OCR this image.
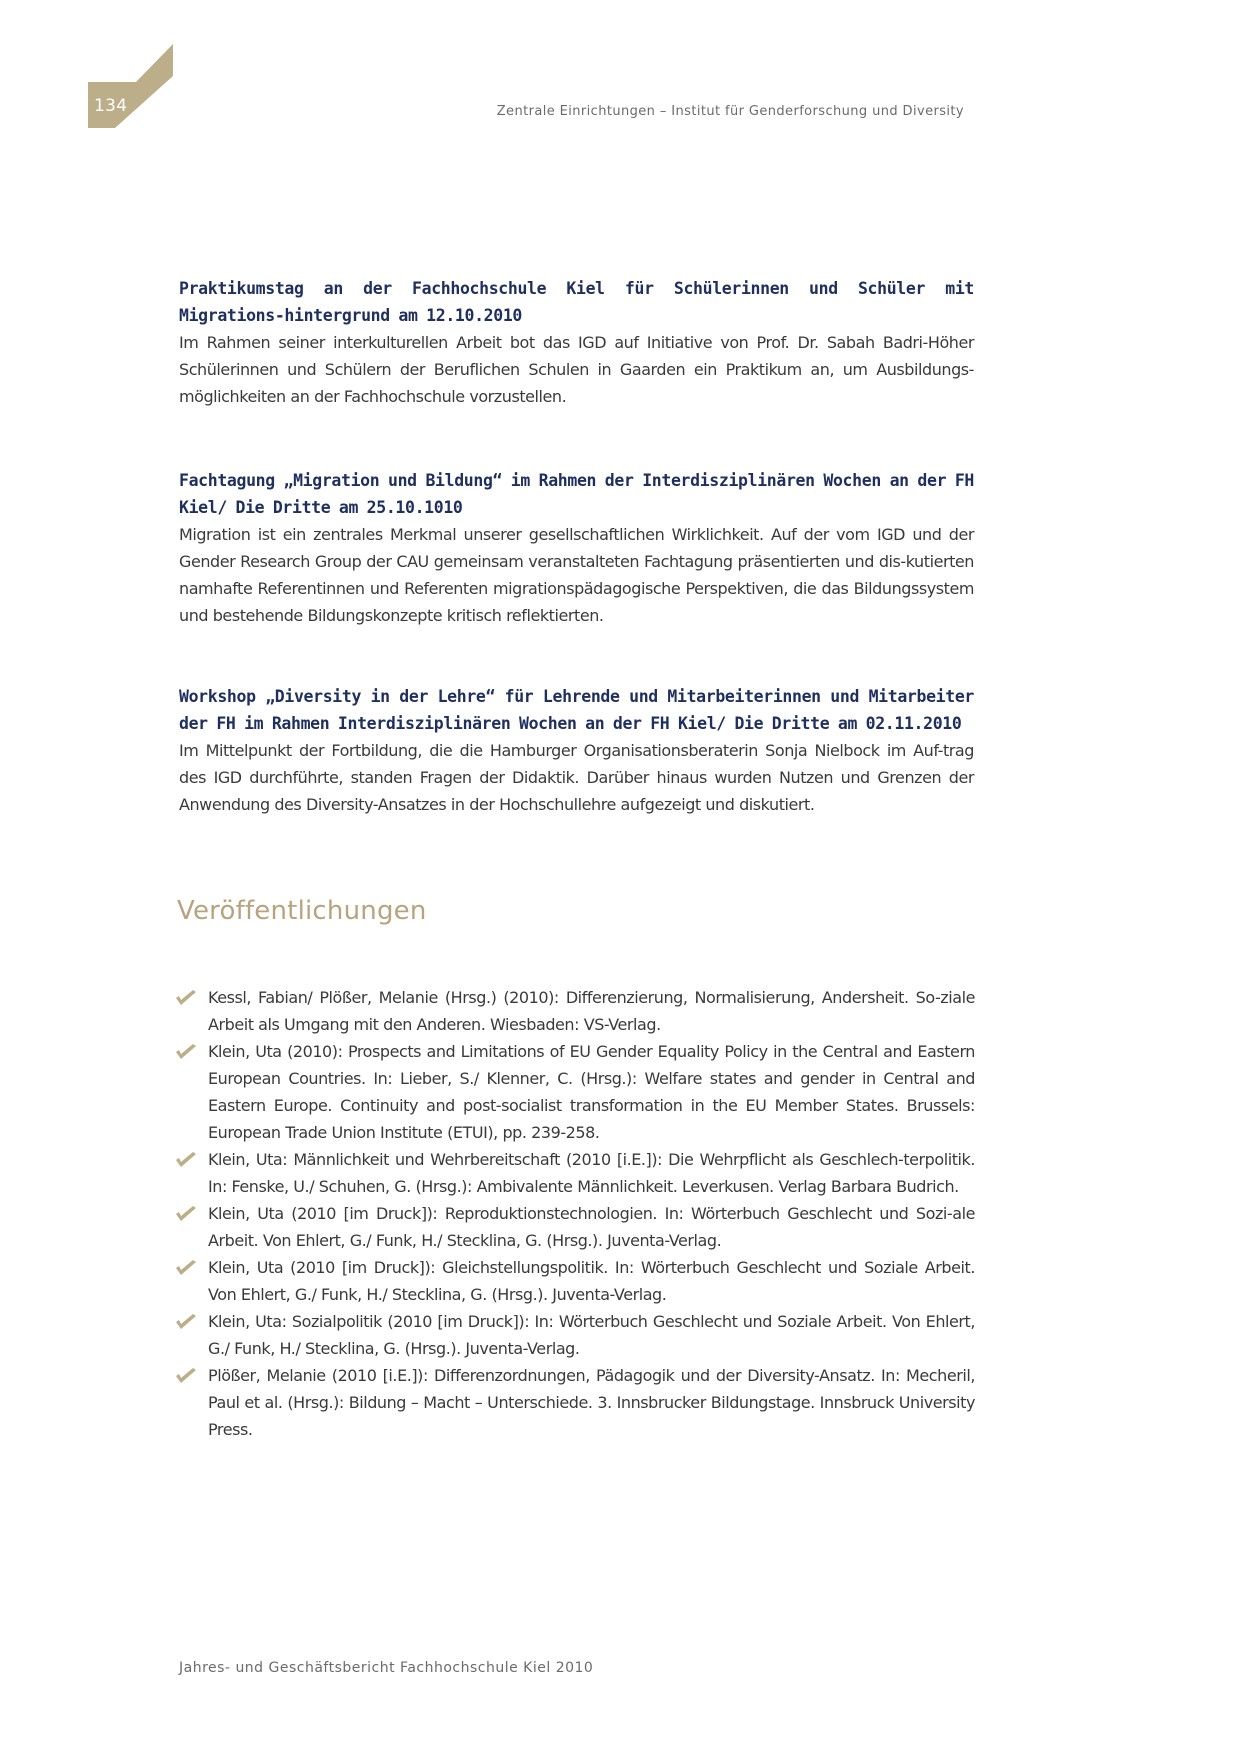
134	Zentrale Einrichtungen – Institut für Genderforschung und Diversity
Praktikumstag an der Fachhochschule Kiel für Schülerinnen und Schüler mit Migrations-hintergrund am 12.10.2010
Im Rahmen seiner interkulturellen Arbeit bot das IGD auf Initiative von Prof. Dr. Sabah Badri-Höher Schülerinnen und Schülern der Beruflichen Schulen in Gaarden ein Praktikum an, um Ausbildungs-möglichkeiten an der Fachhochschule vorzustellen.
Fachtagung „Migration und Bildung“ im Rahmen der Interdisziplinären Wochen an der FH Kiel/ Die Dritte am 25.10.1010
Migration ist ein zentrales Merkmal unserer gesellschaftlichen Wirklichkeit. Auf der vom IGD und der Gender Research Group der CAU gemeinsam veranstalteten Fachtagung präsentierten und dis-kutierten namhafte Referentinnen und Referenten migrationspädagogische Perspektiven, die das Bildungssystem und bestehende Bildungskonzepte kritisch reflektierten.
Workshop „Diversity in der Lehre“ für Lehrende und Mitarbeiterinnen und Mitarbeiter der FH im Rahmen Interdisziplinären Wochen an der FH Kiel/ Die Dritte am 02.11.2010
Im Mittelpunkt der Fortbildung, die die Hamburger Organisationsberaterin Sonja Nielbock im Auf-trag des IGD durchführte, standen Fragen der Didaktik. Darüber hinaus wurden Nutzen und Grenzen der Anwendung des Diversity-Ansatzes in der Hochschullehre aufgezeigt und diskutiert.
Veröffentlichungen
Kessl, Fabian/ Plößer, Melanie (Hrsg.) (2010): Differenzierung, Normalisierung, Andersheit. So-ziale Arbeit als Umgang mit den Anderen. Wiesbaden: VS-Verlag.
Klein, Uta (2010): Prospects and Limitations of EU Gender Equality Policy in the Central and Eastern European Countries. In: Lieber, S./ Klenner, C. (Hrsg.): Welfare states and gender in Central and Eastern Europe. Continuity and post-socialist transformation in the EU Member States. Brussels: European Trade Union Institute (ETUI), pp. 239-258.
Klein, Uta: Männlichkeit und Wehrbereitschaft (2010 [i.E.]): Die Wehrpflicht als Geschlech-terpolitik. In: Fenske, U./ Schuhen, G. (Hrsg.): Ambivalente Männlichkeit. Leverkusen. Verlag Barbara Budrich.
Klein, Uta (2010 [im Druck]): Reproduktionstechnologien. In: Wörterbuch Geschlecht und Sozi-ale Arbeit. Von Ehlert, G./ Funk, H./ Stecklina, G. (Hrsg.). Juventa-Verlag.
Klein, Uta (2010 [im Druck]): Gleichstellungspolitik. In: Wörterbuch Geschlecht und Soziale Arbeit. Von Ehlert, G./ Funk, H./ Stecklina, G. (Hrsg.). Juventa-Verlag.
Klein, Uta: Sozialpolitik (2010 [im Druck]): In: Wörterbuch Geschlecht und Soziale Arbeit. Von Ehlert, G./ Funk, H./ Stecklina, G. (Hrsg.). Juventa-Verlag.
Plößer, Melanie (2010 [i.E.]): Differenzordnungen, Pädagogik und der Diversity-Ansatz. In: Mecheril, Paul et al. (Hrsg.): Bildung – Macht – Unterschiede. 3. Innsbrucker Bildungstage. Innsbruck University Press.
Jahres- und Geschäftsbericht Fachhochschule Kiel 2010
